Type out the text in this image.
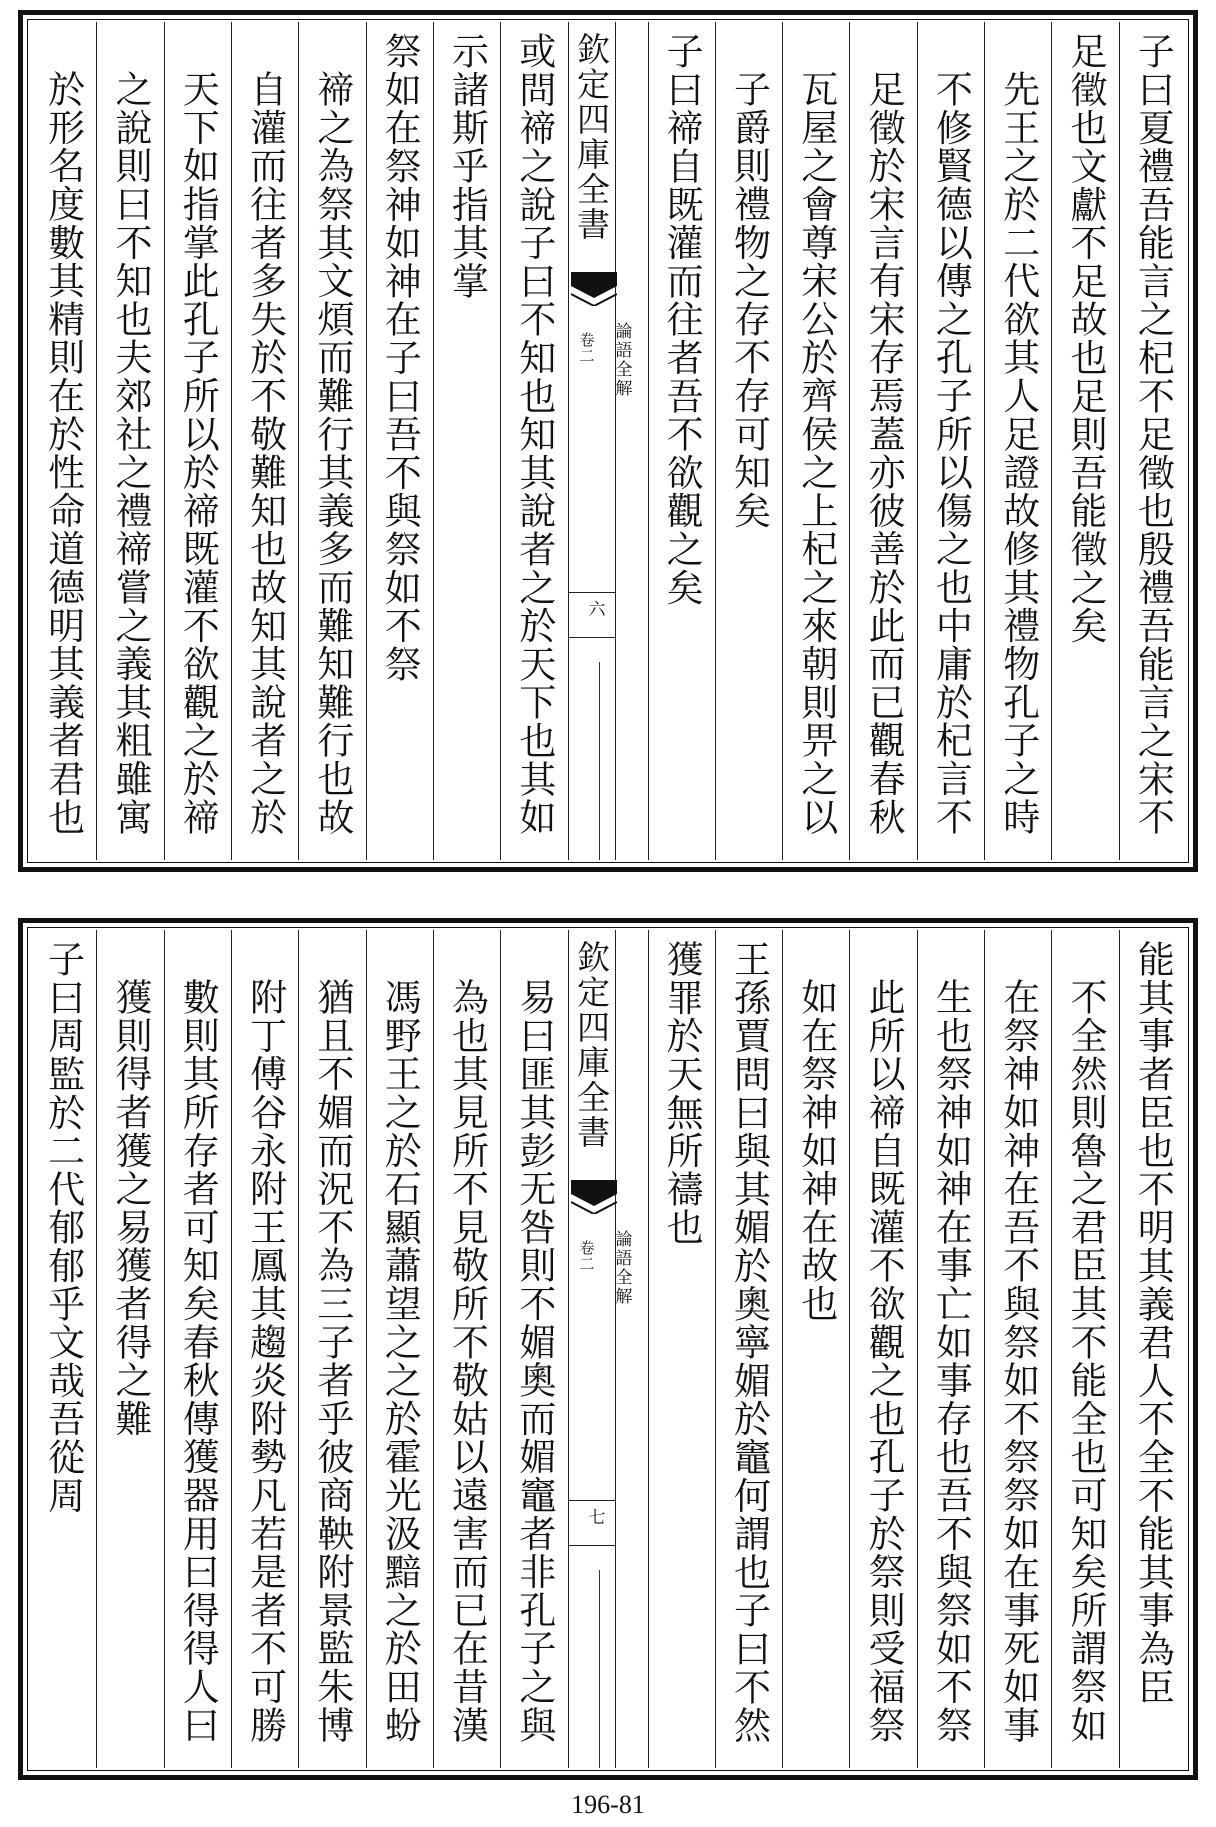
子曰夏禮吾能言之杞不足徵也殷禮吾能言之宋不
足徵也文獻不足故也足則吾能徵之矣
先王之於二代欲其人足證故修其禮物孔子之時
不修賢德以傳之孔子所以傷之也中庸於杞言不
足徵於宋言有宋存焉蓋亦彼善於此而已觀春秋
瓦屋之會尊宋公於齊侯之上杞之來朝則畀之以
子爵則禮物之存不存可知矣
子曰禘自既灌而往者吾不欲觀之矣
欽定四庫全書
論語全解
卷二
六
或問禘之說子曰不知也知其說者之於天下也其如
示諸斯乎指其掌
祭如在祭神如神在子曰吾不與祭如不祭
禘之為祭其文煩而難行其義多而難知難行也故
自灌而往者多失於不敬難知也故知其說者之於
天下如指掌此孔子所以於禘既灌不欲觀之於禘
之說則曰不知也夫郊社之禮禘嘗之義其粗雖寓
於形名度數其精則在於性命道德明其義者君也
能其事者臣也不明其義君人不全不能其事為臣
不全然則魯之君臣其不能全也可知矣所謂祭如
在祭神如神在吾不與祭如不祭祭如在事死如事
生也祭神如神在事亡如事存也吾不與祭如不祭
此所以禘自既灌不欲觀之也孔子於祭則受福祭
如在祭神如神在故也
王孫賈問曰與其媚於奧寧媚於竈何謂也子曰不然
獲罪於天無所禱也
欽定四庫全書
論語全解
卷二
七
易曰匪其彭无咎則不媚奧而媚竈者非孔子之與
為也其見所不見敬所不敬姑以遠害而已在昔漢
馮野王之於石顯蕭望之之於霍光汲黯之於田蚡
猶且不媚而況不為三子者乎彼商鞅附景監朱博
附丁傅谷永附王鳳其趨炎附勢凡若是者不可勝
數則其所存者可知矣春秋傳獲器用曰得得人曰
獲則得者獲之易獲者得之難
子曰周監於二代郁郁乎文哉吾從周
196-81
